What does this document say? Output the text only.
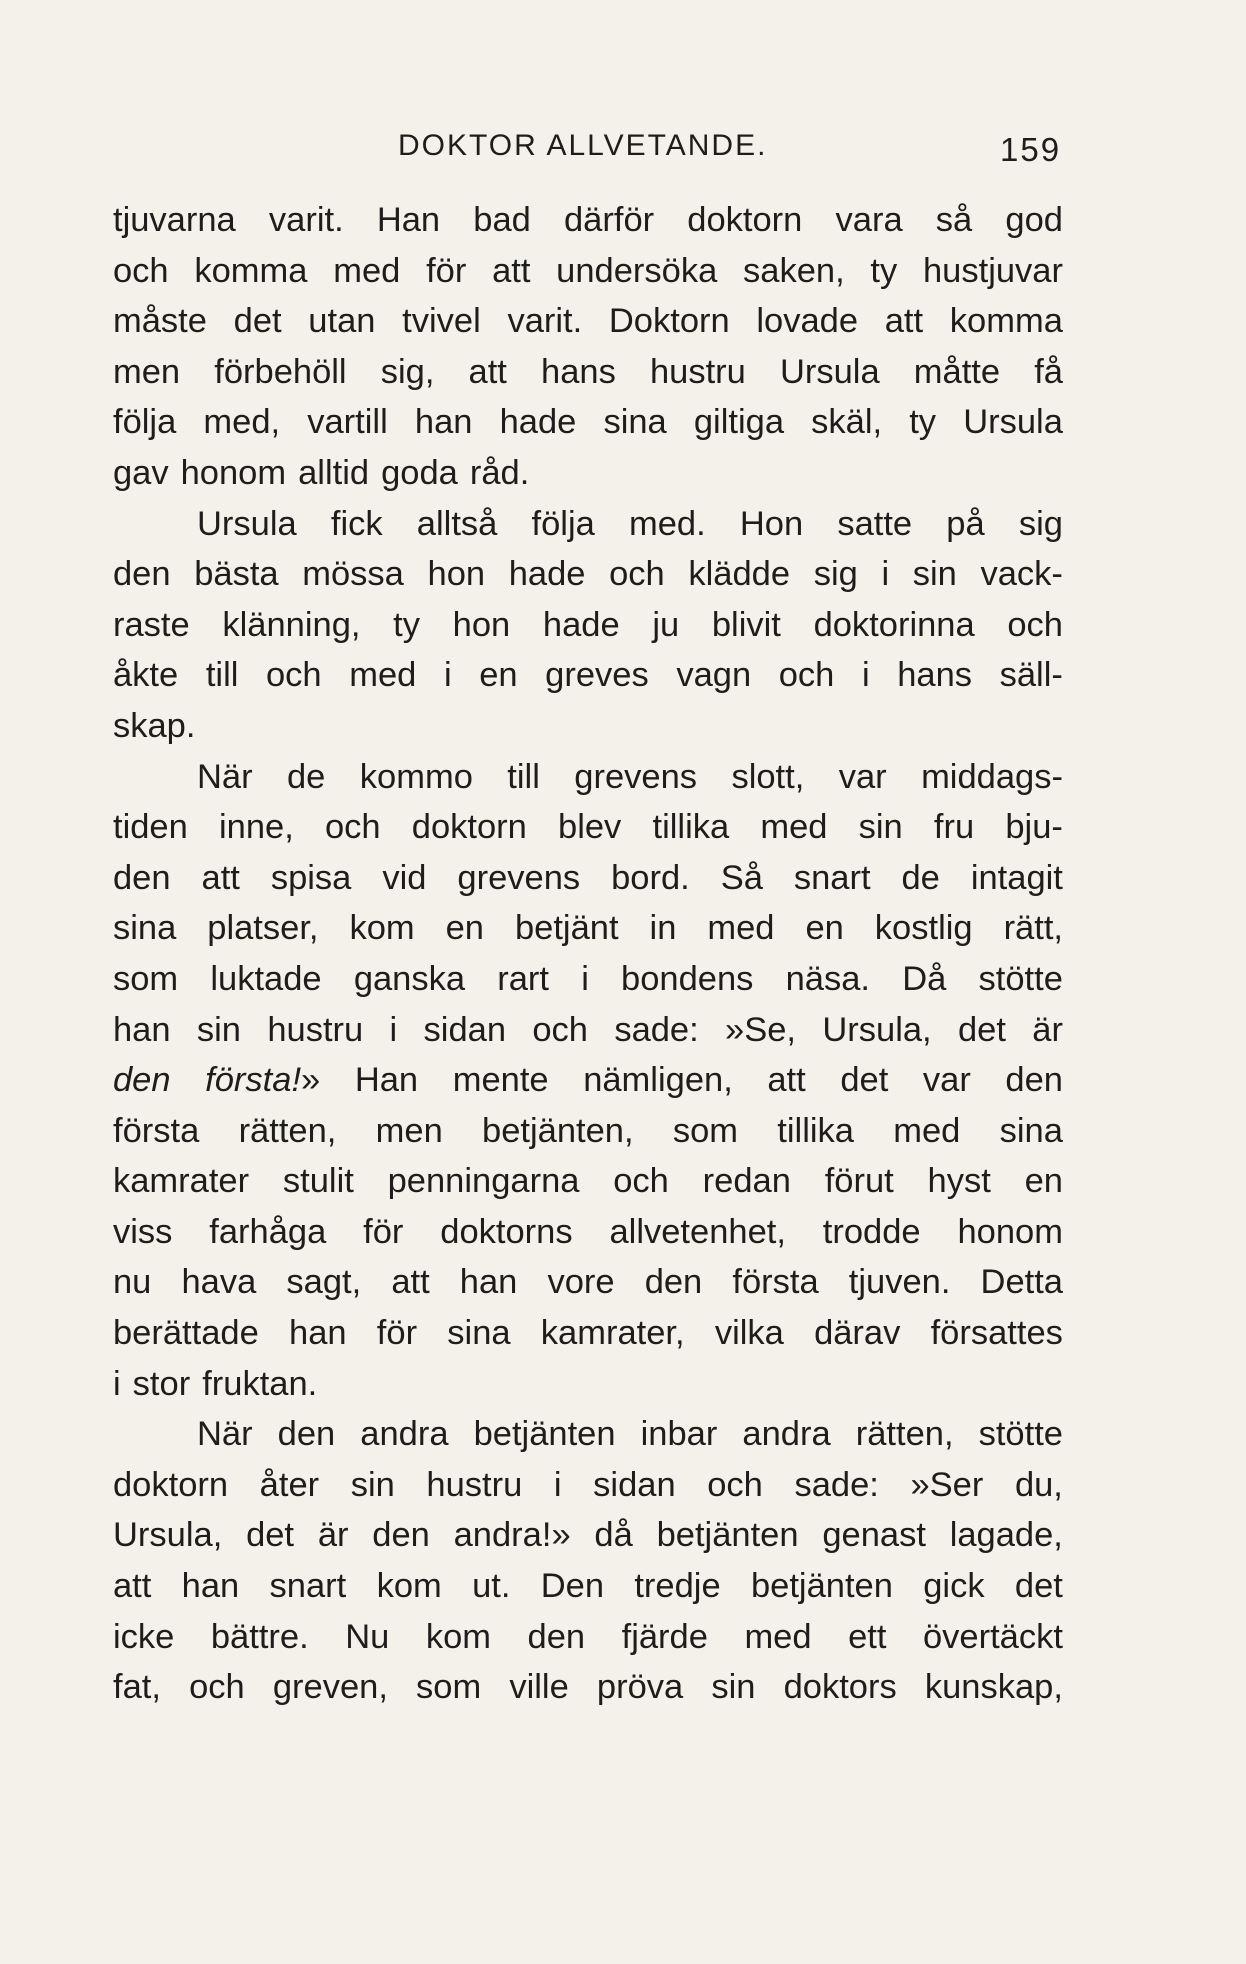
DOKTOR ALLVETANDE.	159
tjuvarna varit. Han bad därför doktorn vara så god
och komma med för att undersöka saken, ty hustjuvar
måste det utan tvivel varit. Doktorn lovade att komma
men förbehöll sig, att hans hustru Ursula måtte få
följa med, vartill han hade sina giltiga skäl, ty Ursula
gav honom alltid goda råd.
Ursula fick alltså följa med. Hon satte på sig
den bästa mössa hon hade och klädde sig i sin vack-
raste klänning, ty hon hade ju blivit doktorinna och
åkte till och med i en greves vagn och i hans säll-
skap.
När de kommo till grevens slott, var middags-
tiden inne, och doktorn blev tillika med sin fru bju-
den att spisa vid grevens bord. Så snart de intagit
sina platser, kom en betjänt in med en kostlig rätt,
som luktade ganska rart i bondens näsa. Då stötte
han sin hustru i sidan och sade: »Se, Ursula, det är
den första!» Han mente nämligen, att det var den
första rätten, men betjänten, som tillika med sina
kamrater stulit penningarna och redan förut hyst en
viss farhåga för doktorns allvetenhet, trodde honom
nu hava sagt, att han vore den första tjuven. Detta
berättade han för sina kamrater, vilka därav försattes
i stor fruktan.
När den andra betjänten inbar andra rätten, stötte
doktorn åter sin hustru i sidan och sade: »Ser du,
Ursula, det är den andra!» då betjänten genast lagade,
att han snart kom ut. Den tredje betjänten gick det
icke bättre. Nu kom den fjärde med ett övertäckt
fat, och greven, som ville pröva sin doktors kunskap,
